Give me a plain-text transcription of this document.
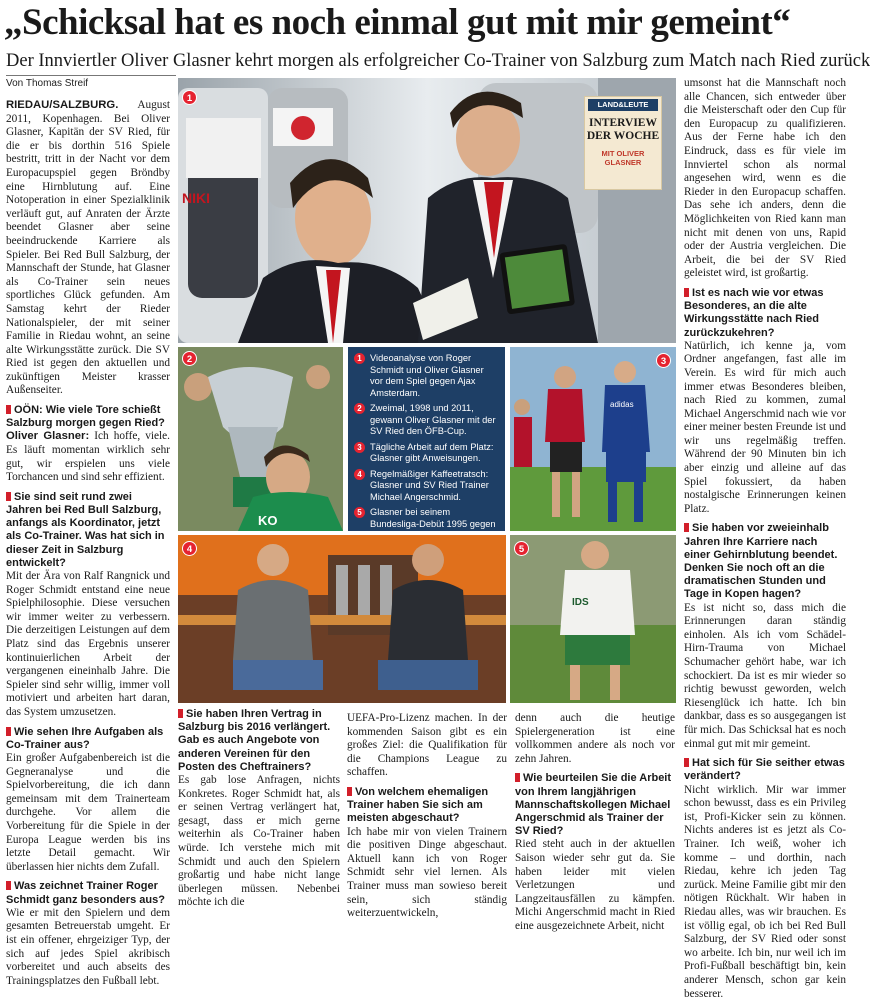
„Schicksal hat es noch einmal gut mit mir gemeint“
Der Innviertler Oliver Glasner kehrt morgen als erfolgreicher Co-Trainer von Salzburg zum Match nach Ried zurück
Von Thomas Streif

RIEDAU/SALZBURG. August 2011, Kopenhagen. Bei Oliver Glasner, Kapitän der SV Ried, für die er bis dorthin 516 Spiele bestritt, tritt in der Nacht vor dem Europacupspiel gegen Bröndby eine Hirnblutung auf. Eine Notoperation in einer Spezialklinik verläuft gut, auf Anraten der Ärzte beendet Glasner aber seine beeindruckende Karriere als Spieler. Bei Red Bull Salzburg, der Mannschaft der Stunde, hat Glasner als Co-Trainer sein neues sportliches Glück gefunden. Am Samstag kehrt der Rieder Nationalspieler, der mit seiner Familie in Riedau wohnt, an seine alte Wirkungsstätte zurück. Die SV Ried ist gegen den aktuellen und zukünftigen Meister krasser Außenseiter.

OÖN: Wie viele Tore schießt Salzburg morgen gegen Ried?

Oliver Glasner: Ich hoffe, viele. Es läuft momentan wirklich sehr gut, wir erspielen uns viele Torchancen und sind sehr effizient.

Sie sind seit rund zwei Jahren bei Red Bull Salzburg, anfangs als Koordinator, jetzt als Co-Trainer. Was hat sich in dieser Zeit in Salzburg entwickelt?

Mit der Ära von Ralf Rangnick und Roger Schmidt entstand eine neue Spielphilosophie. Diese versuchen wir immer weiter zu verbessern. Die derzeitigen Leistungen auf dem Platz sind das Ergebnis unserer kontinuierlichen Arbeit der vergangenen eineinhalb Jahre. Die Spieler sind sehr willig, immer voll motiviert und arbeiten hart daran, das System umzusetzen.

Wie sehen Ihre Aufgaben als Co-Trainer aus?

Ein großer Aufgabenbereich ist die Gegneranalyse und die Spielvorbereitung, die ich dann gemeinsam mit dem Trainerteam durchgehe. Vor allem die Vorbereitung für die Spiele in der Europa League werden bis ins letzte Detail gemacht. Wir überlassen hier nichts dem Zufall.

Was zeichnet Trainer Roger Schmidt ganz besonders aus?

Wie er mit den Spielern und dem gesamten Betreuerstab umgeht. Er ist ein offener, ehrgeiziger Typ, der sich auf jedes Spiel akribisch vorbereitet und auch abseits des Trainingsplatzes den Fußball lebt.

NIKI
LAND&LEUTE
INTERVIEW DER WOCHE
MIT OLIVER GLASNER
1
KO
2	1 Videoanalyse von Roger Schmidt und Oliver Glasner vor dem Spiel gegen Ajax Amsterdam.
2 Zweimal, 1998 und 2011, gewann Oliver Glasner mit der SV Ried den ÖFB-Cup.
3 Tägliche Arbeit auf dem Platz: Glasner gibt Anweisungen.
4 Regelmäßiger Kaffeetratsch: Glasner und SV Ried Trainer Michael Angerschmid.
5 Glasner bei seinem Bundesliga-Debüt 1995 gegen
adidas
3
4
IDS
5

Sie haben Ihren Vertrag in Salzburg bis 2016 verlängert. Gab es auch Angebote von anderen Vereinen für den Posten des Cheftrainers?

Es gab lose Anfragen, nichts Konkretes. Roger Schmidt hat, als er seinen Vertrag verlängert hat, gesagt, dass er mich gerne weiterhin als Co-Trainer haben würde. Ich verstehe mich mit Schmidt und auch den Spielern großartig und habe nicht lange überlegen müssen. Nebenbei möchte ich die

UEFA-Pro-Lizenz machen. In der kommenden Saison gibt es ein großes Ziel: die Qualifikation für die Champions League zu schaffen.

Von welchem ehemaligen Trainer haben Sie sich am meisten abgeschaut?

Ich habe mir von vielen Trainern die positiven Dinge abgeschaut. Aktuell kann ich von Roger Schmidt sehr viel lernen. Als Trainer muss man sowieso bereit sein, sich ständig weiterzuentwickeln,

denn auch die heutige Spielergeneration ist eine vollkommen andere als noch vor zehn Jahren.

Wie beurteilen Sie die Arbeit von Ihrem langjährigen Mannschaftskollegen Michael Angerschmid als Trainer der SV Ried?

Ried steht auch in der aktuellen Saison wieder sehr gut da. Sie haben leider mit vielen Verletzungen und Langzeitausfällen zu kämpfen. Michi Angerschmid macht in Ried eine ausgezeichnete Arbeit, nicht

umsonst hat die Mannschaft noch alle Chancen, sich entweder über die Meisterschaft oder den Cup für den Europacup zu qualifizieren. Aus der Ferne habe ich den Eindruck, dass es für viele im Innviertel schon als normal angesehen wird, wenn es die Rieder in den Europacup schaffen. Das sehe ich anders, denn die Möglichkeiten von Ried kann man nicht mit denen von uns, Rapid oder der Austria vergleichen. Die Arbeit, die bei der SV Ried geleistet wird, ist großartig.

Ist es nach wie vor etwas Besonderes, an die alte Wirkungsstätte nach Ried zurückzukehren?

Natürlich, ich kenne ja, vom Ordner angefangen, fast alle im Verein. Es wird für mich auch immer etwas Besonderes bleiben, nach Ried zu kommen, zumal Michael Angerschmid nach wie vor einer meiner besten Freunde ist und wir uns regelmäßig treffen. Während der 90 Minuten bin ich aber einzig und alleine auf das Spiel fokussiert, da haben nostalgische Erinnerungen keinen Platz.

Sie haben vor zweieinhalb Jahren Ihre Karriere nach einer Gehirnblutung beendet. Denken Sie noch oft an die dramatischen Stunden und Tage in Kopen hagen?

Es ist nicht so, dass mich die Erinnerungen daran ständig einholen. Als ich vom Schädel-Hirn-Trauma von Michael Schumacher gehört habe, war ich schockiert. Da ist es mir wieder so richtig bewusst geworden, welch Riesenglück ich hatte. Ich bin dankbar, dass es so ausgegangen ist für mich. Das Schicksal hat es noch einmal gut mit mir gemeint.

Hat sich für Sie seither etwas verändert?

Nicht wirklich. Mir war immer schon bewusst, dass es ein Privileg ist, Profi-Kicker sein zu können. Nichts anderes ist es jetzt als Co-Trainer. Ich weiß, woher ich komme – und dorthin, nach Riedau, kehre ich jeden Tag zurück. Meine Familie gibt mir den nötigen Rückhalt. Wir haben in Riedau alles, was wir brauchen. Es ist völlig egal, ob ich bei Red Bull Salzburg, der SV Ried oder sonst wo arbeite. Ich bin, nur weil ich im Profi-Fußball beschäftigt bin, kein anderer Mensch, schon gar kein besserer.
